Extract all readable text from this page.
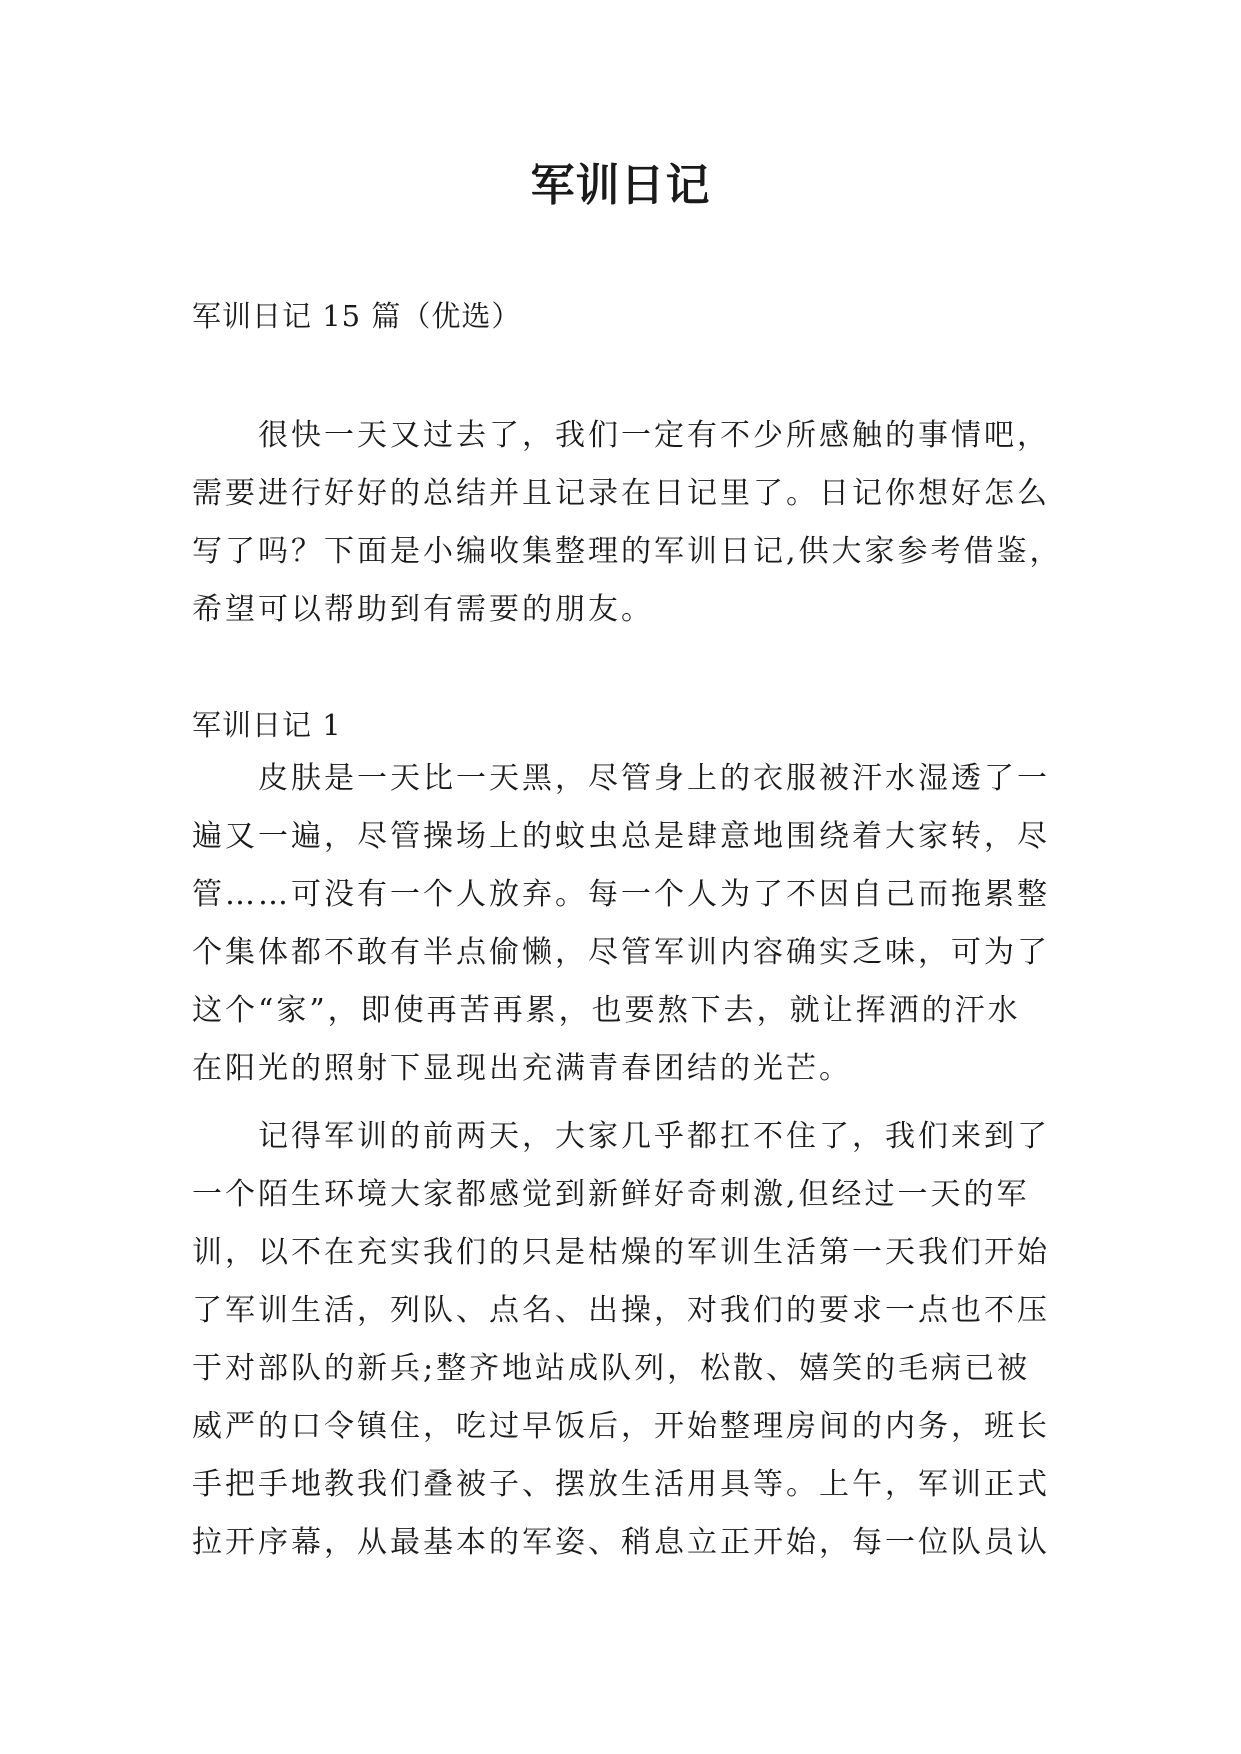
军训日记
军训日记 15 篇（优选）
很快一天又过去了，我们一定有不少所感触的事情吧，
需要进行好好的总结并且记录在日记里了。日记你想好怎么
写了吗？下面是小编收集整理的军训日记,供大家参考借鉴，
希望可以帮助到有需要的朋友。
军训日记 1
皮肤是一天比一天黑，尽管身上的衣服被汗水湿透了一
遍又一遍，尽管操场上的蚊虫总是肆意地围绕着大家转，尽
管……可没有一个人放弃。每一个人为了不因自己而拖累整
个集体都不敢有半点偷懒，尽管军训内容确实乏味，可为了
这个“家”，即使再苦再累，也要熬下去，就让挥洒的汗水
在阳光的照射下显现出充满青春团结的光芒。
记得军训的前两天，大家几乎都扛不住了，我们来到了
一个陌生环境大家都感觉到新鲜好奇刺激,但经过一天的军
训，以不在充实我们的只是枯燥的军训生活第一天我们开始
了军训生活，列队、点名、出操，对我们的要求一点也不压
于对部队的新兵;整齐地站成队列，松散、嬉笑的毛病已被
威严的口令镇住，吃过早饭后，开始整理房间的内务，班长
手把手地教我们叠被子、摆放生活用具等。上午，军训正式
拉开序幕，从最基本的军姿、稍息立正开始，每一位队员认
